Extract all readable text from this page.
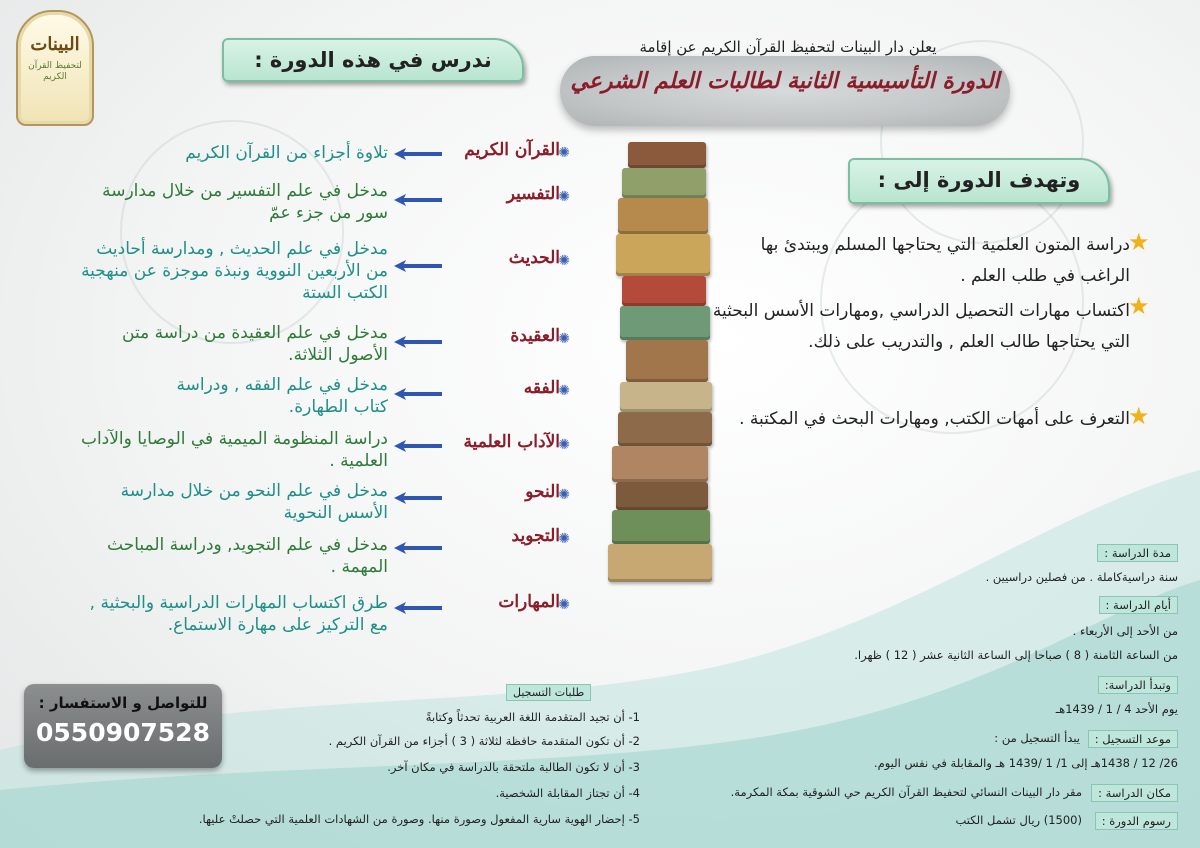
البينات
لتحفيظ القرآن الكريم
يعلن دار البينات لتحفيظ القرآن الكريم عن إقامة
الدورة التأسيسية الثانية لطالبات العلم الشرعي
ندرس في هذه الدورة :
وتهدف الدورة إلى :
✺
القرآن الكريم
تلاوة أجزاء من القرآن الكريم
✺
التفسير
مدخل في علم التفسير من خلال مدارسة سور من جزء عمّ
✺
الحديث
مدخل في علم الحديث , ومدارسة أحاديث من الأربعين النووية ونبذة موجزة عن منهجية الكتب الستة
✺
العقيدة
مدخل في علم العقيدة من دراسة متن الأصول الثلاثة.
✺
الفقه
مدخل في علم الفقه , ودراسة كتاب الطهارة.
✺
الآداب العلمية
دراسة المنظومة الميمية في الوصايا والآداب العلمية .
✺
النحو
مدخل في علم النحو من خلال مدارسة الأسس النحوية
✺
التجويد
مدخل في علم التجويد, ودراسة المباحث المهمة .
✺
المهارات
طرق اكتساب المهارات الدراسية والبحثية , مع التركيز على مهارة الاستماع.
★
دراسة المتون العلمية التي يحتاجها المسلم ويبتدئ بها الراغب في طلب العلم .
★
اكتساب مهارات التحصيل الدراسي ,ومهارات الأسس البحثية التي يحتاجها طالب العلم , والتدريب على ذلك.
★
التعرف على أمهات الكتب, ومهارات البحث في المكتبة .
مدة الدراسة :
سنة دراسيةكاملة . من فصلين دراسيين .
أيام الدراسة :
من الأحد إلى الأربعاء .
من الساعة الثامنة ( 8 ) صباحا إلى الساعة الثانية عشر ( 12 ) ظهرا.
وتبدأ الدراسة:
يوم الأحد 4 / 1 / 1439هـ
موعد التسجيل :
يبدأ التسجيل من :
26/ 12 / 1438هـ إلى 1/ 1 /1439 هـ والمقابلة في نفس اليوم.
مكان الدراسة :
مقر دار البينات النسائي لتحفيظ القرآن الكريم حي الشوقية بمكة المكرمة.
رسوم الدورة :
(1500) ريال تشمل الكتب
طلبات التسجيل
1- أن تجيد المتقدمة اللغة العربية تحدثاً وكتابةً
2- أن تكون المتقدمة حافظة لثلاثة ( 3 ) أجزاء من القرآن الكريم .
3- أن لا تكون الطالبة ملتحقة بالدراسة في مكان آخر.
4- أن تجتاز المقابلة الشخصية.
5- إحضار الهوية سارية المفعول وصورة منها. وصورة من الشهادات العلمية التي حصلتْ عليها.
للتواصل و الاستفسار :
0550907528
